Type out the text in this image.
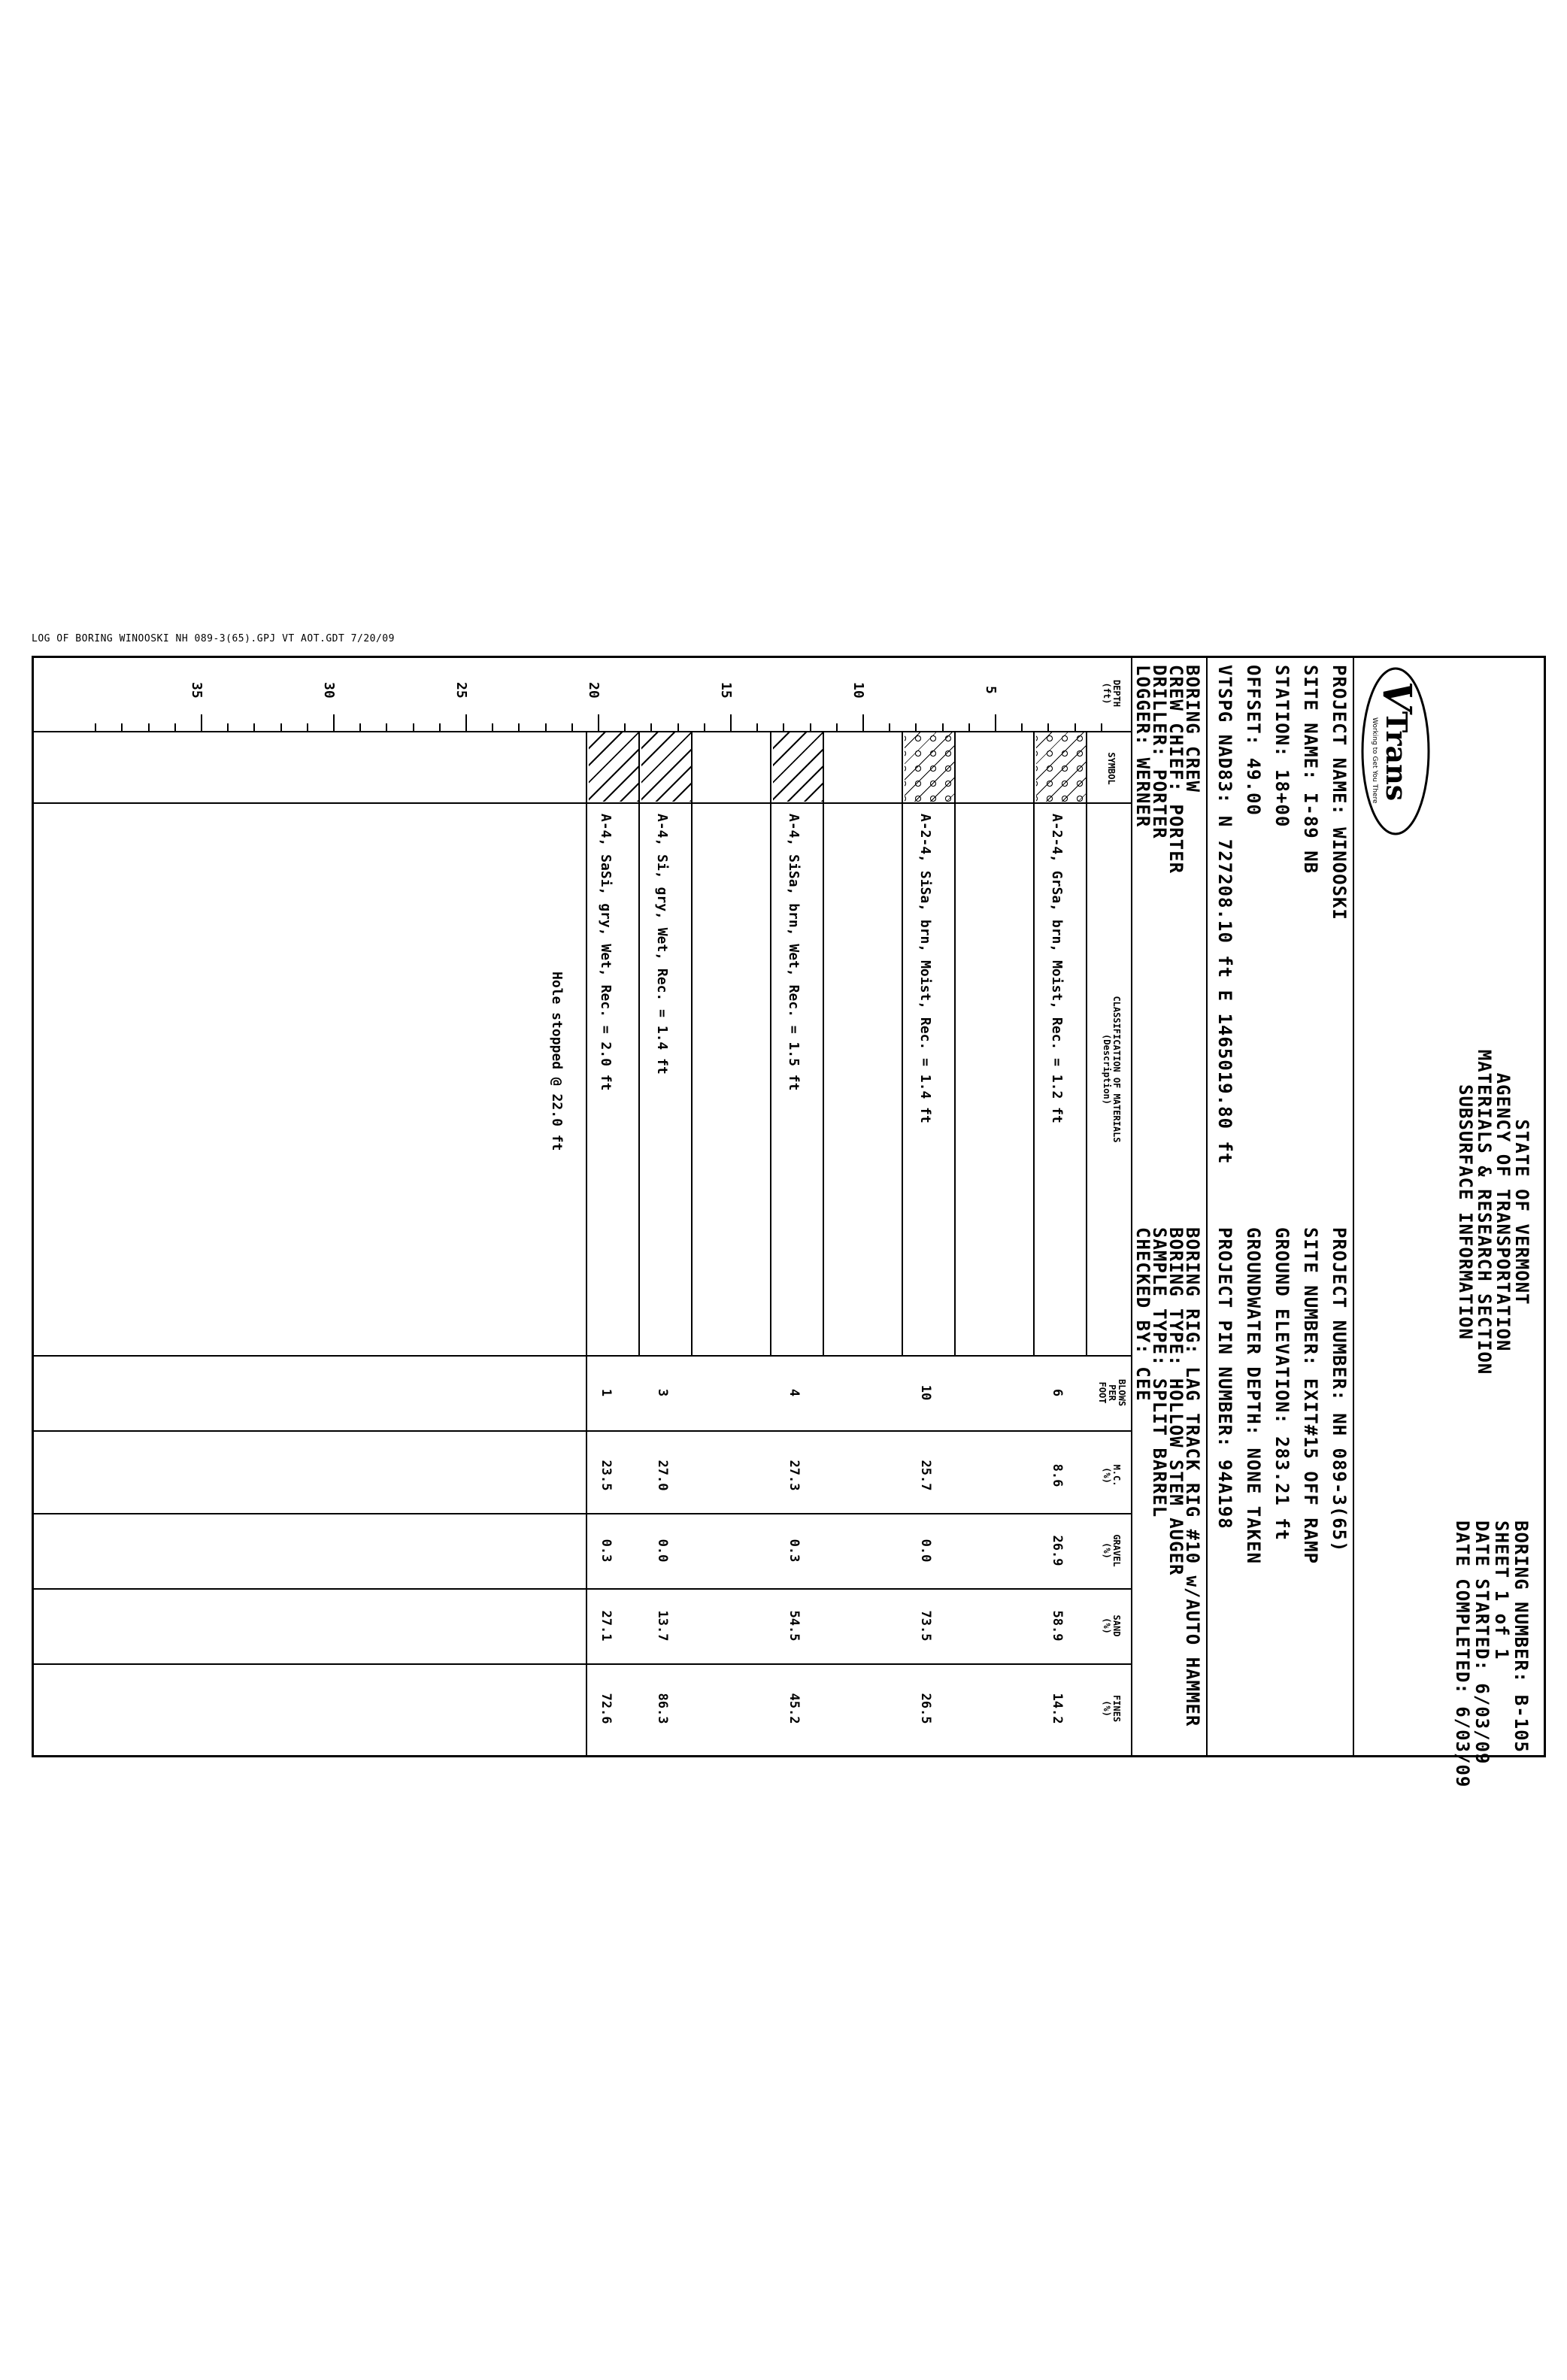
LOG OF BORING WINOOSKI NH 089-3(65).GPJ VT AOT.GDT 7/20/09
V
Trans
Working to Get You There
STATE OF VERMONT
AGENCY OF TRANSPORTATION
MATERIALS & RESEARCH SECTION
SUBSURFACE INFORMATION
BORING NUMBER: B-105
SHEET 1 of 1
DATE STARTED: 6/03/09
DATE COMPLETED: 6/03/09
PROJECT NAME: WINOOSKI
SITE NAME: I-89 NB
STATION: 18+00
OFFSET: 49.00
VTSPG NAD83: N 727208.10 ft E 1465019.80 ft
BORING CREW
CREW CHIEF: PORTER
DRILLER: PORTER
LOGGER: WERNER
PROJECT NUMBER: NH 089-3(65)
SITE NUMBER: EXIT#15 OFF RAMP
GROUND ELEVATION: 283.21 ft
GROUNDWATER DEPTH: NONE TAKEN
PROJECT PIN NUMBER: 94A198
BORING RIG: LAG TRACK RIG #10 w/AUTO HAMMER
BORING TYPE: HOLLOW STEM AUGER
SAMPLE TYPE: SPLIT BARREL
CHECKED BY: CEE
DEPTH
(ft)
SYMBOL
CLASSIFICATION OF MATERIALS
(Description)
BLOWS
PER
FOOT
M.C.
(%)
GRAVEL
(%)
SAND
(%)
FINES
(%)
5
10
15
20
25
30
35
A-2-4, GrSa, brn, Moist, Rec. = 1.2 ft
A-2-4, SiSa, brn, Moist, Rec. = 1.4 ft
A-4, SiSa, brn, Wet, Rec. = 1.5 ft
A-4, Si, gry, Wet, Rec. = 1.4 ft
A-4, SaSi, gry, Wet, Rec. = 2.0 ft
Hole stopped @ 22.0 ft
6
8.6
26.9
58.9
14.2
10
25.7
0.0
73.5
26.5
4
27.3
0.3
54.5
45.2
3
27.0
0.0
13.7
86.3
1
23.5
0.3
27.1
72.6
